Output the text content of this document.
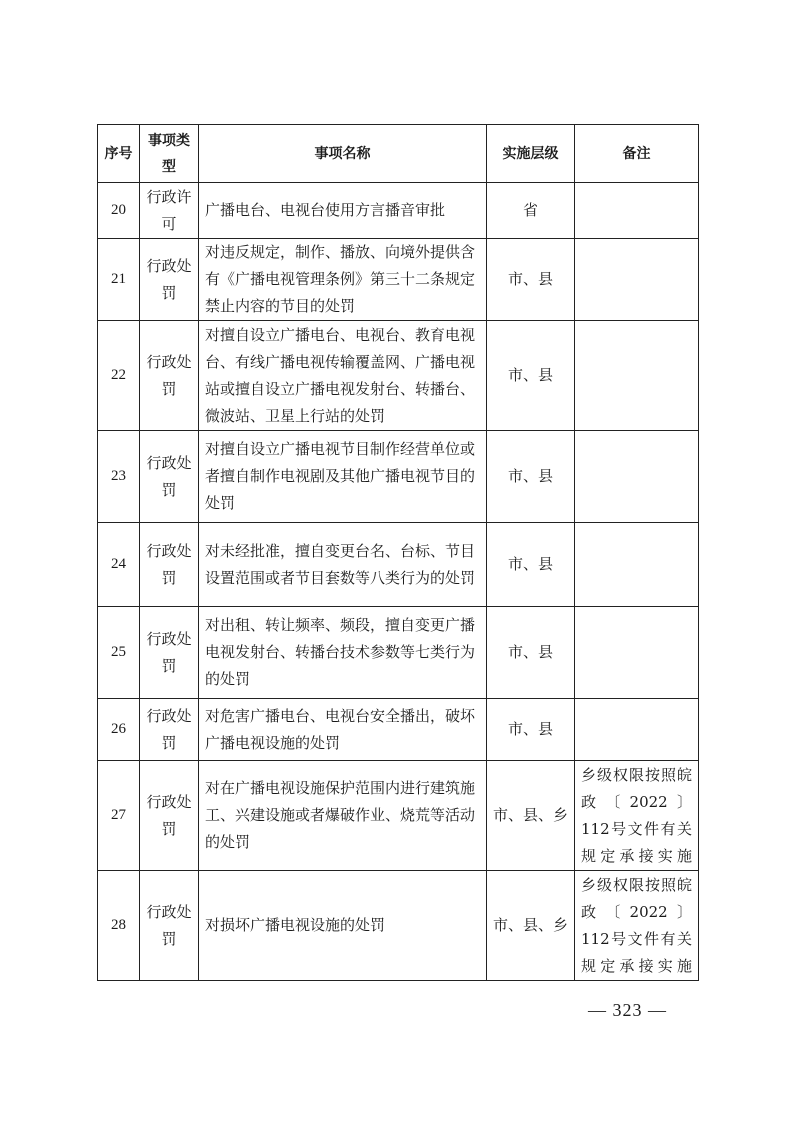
序号	事项类型	事项名称	实施层级	备注
20	行政许可	广播电台、电视台使用方言播音审批	省	
21	行政处罚	对违反规定，制作、播放、向境外提供含有《广播电视管理条例》第三十二条规定禁止内容的节目的处罚	市、县	
22	行政处罚	对擅自设立广播电台、电视台、教育电视台、有线广播电视传输覆盖网、广播电视站或擅自设立广播电视发射台、转播台、微波站、卫星上行站的处罚	市、县	
23	行政处罚	对擅自设立广播电视节目制作经营单位或者擅自制作电视剧及其他广播电视节目的处罚	市、县	
24	行政处罚	对未经批准，擅自变更台名、台标、节目设置范围或者节目套数等八类行为的处罚	市、县	
25	行政处罚	对出租、转让频率、频段，擅自变更广播电视发射台、转播台技术参数等七类行为的处罚	市、县	
26	行政处罚	对危害广播电台、电视台安全播出，破坏广播电视设施的处罚	市、县	
27	行政处罚	对在广播电视设施保护范围内进行建筑施工、兴建设施或者爆破作业、烧荒等活动的处罚	市、县、乡	乡级权限按照皖政〔2022〕112号文件有关规定承接实施
28	行政处罚	对损坏广播电视设施的处罚	市、县、乡	乡级权限按照皖政〔2022〕112号文件有关规定承接实施
— 323 —
